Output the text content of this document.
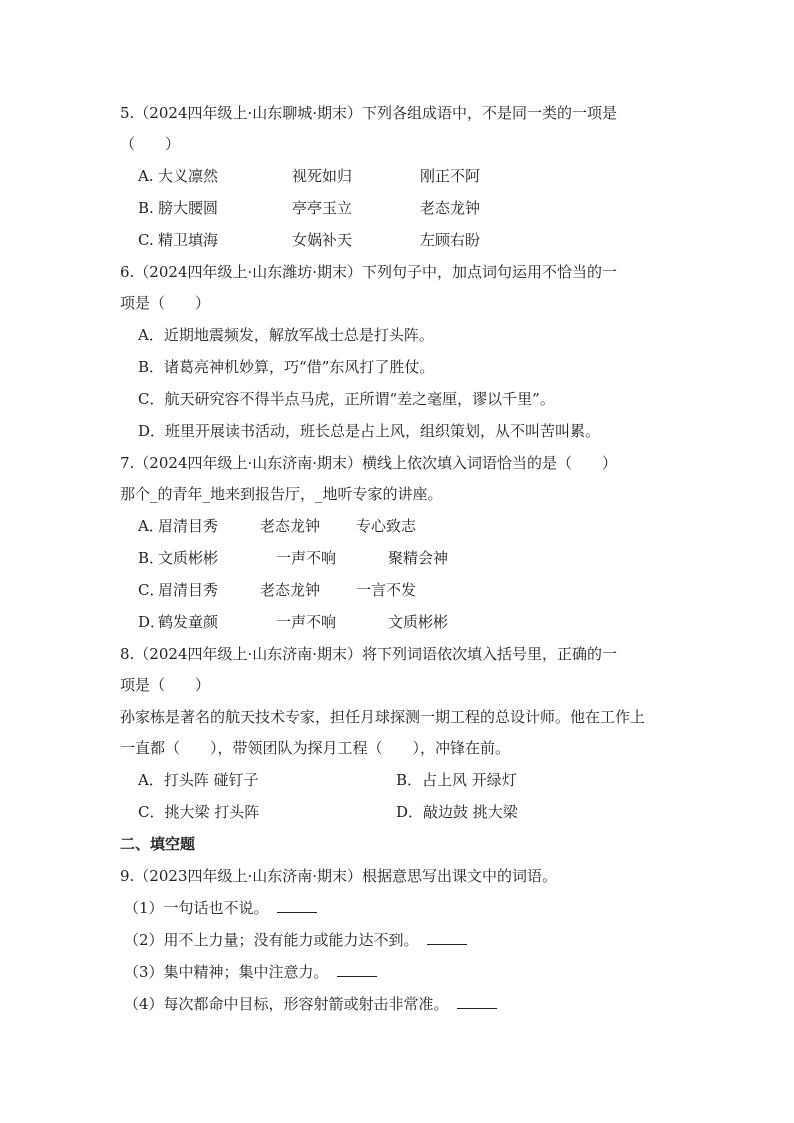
5.（2024四年级上·山东聊城·期末）下列各组成语中，不是同一类的一项是
（　　）
A. 大义凛然	视死如归	刚正不阿
B. 膀大腰圆	亭亭玉立	老态龙钟
C. 精卫填海	女娲补天	左顾右盼
6.（2024四年级上·山东潍坊·期末）下列句子中，加点词句运用不恰当的一
项是（　　）
A．近期地震频发，解放军战士总是打头阵。
B．诸葛亮神机妙算，巧“借”东风打了胜仗。
C．航天研究容不得半点马虎，正所谓“差之毫厘，谬以千里”。
D．班里开展读书活动，班长总是占上风，组织策划，从不叫苦叫累。
7.（2024四年级上·山东济南·期末）横线上依次填入词语恰当的是（　　）
那个_的青年_地来到报告厅，_地听专家的讲座。
A．
眉清目秀	老态龙钟 专心致志
B．
文质彬彬	一声不响	聚精会神
C．
眉清目秀	老态龙钟 一言不发
D．
鹤发童颜	一声不响	文质彬彬
8.（2024四年级上·山东济南·期末）将下列词语依次填入括号里，正确的一
项是（　　）
孙家栋是著名的航天技术专家，担任月球探测一期工程的总设计师。他在工作上
一直都（　　），带领团队为探月工程（　　），冲锋在前。
A．打头阵 碰钉子	B．占上风 开绿灯
C．挑大梁 打头阵	D．敲边鼓 挑大梁
二、填空题
9.（2023四年级上·山东济南·期末）根据意思写出课文中的词语。
（1）一句话也不说。
（2）用不上力量；没有能力或能力达不到。
（3）集中精神；集中注意力。
（4）每次都命中目标，形容射箭或射击非常准。
